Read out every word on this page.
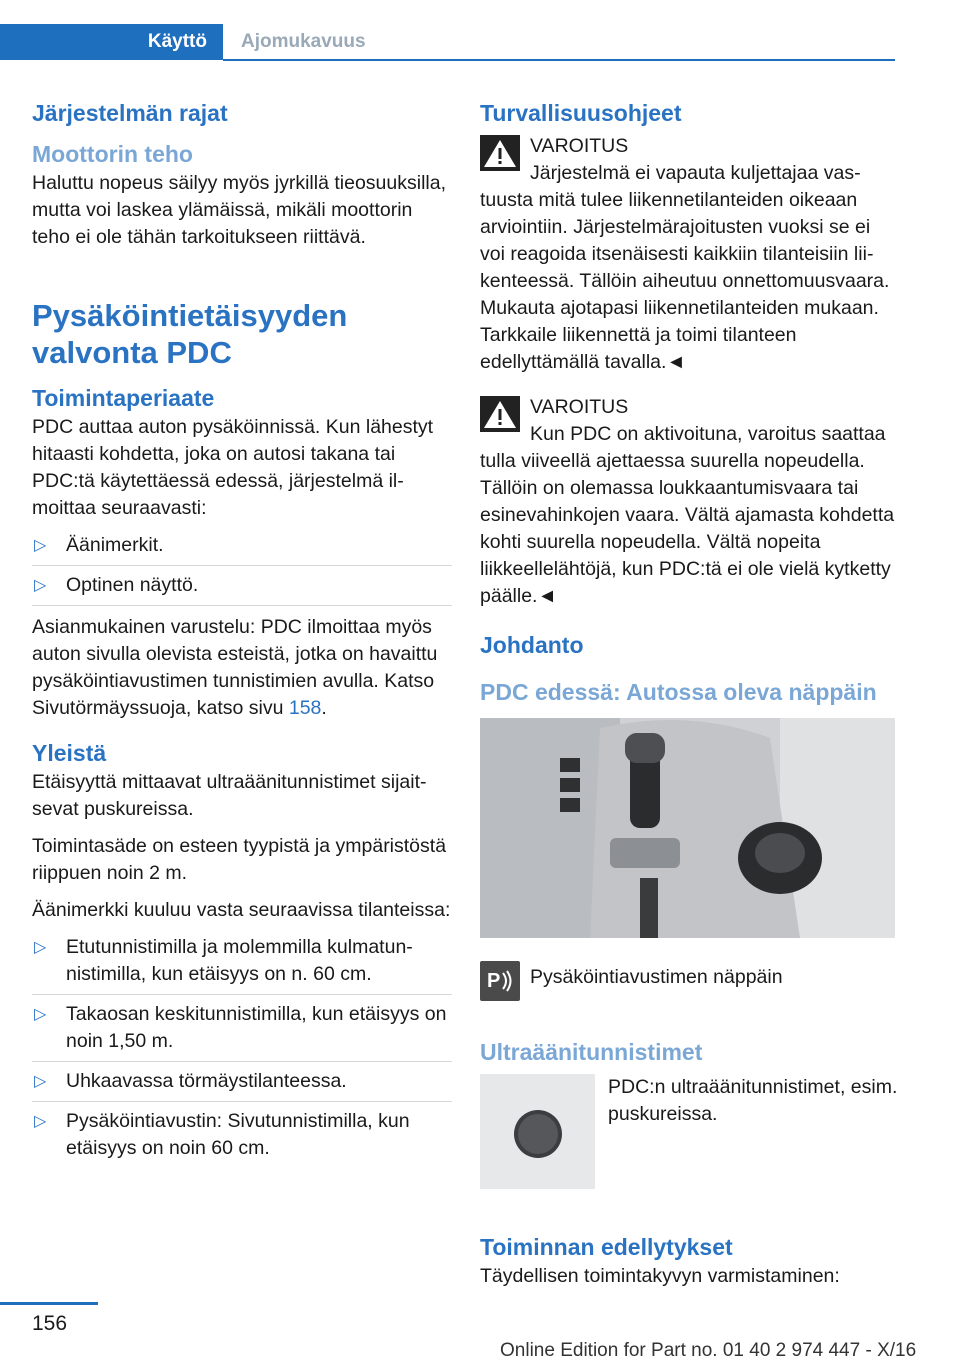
Käyttö	Ajomukavuus
Järjestelmän rajat
Moottorin teho

Haluttu nopeus säilyy myös jyrkillä tieosuuksilla, mutta voi laskea ylämäissä, mikäli moottorin teho ei ole tähän tarkoitukseen riittävä.

Pysäköintietäisyyden valvonta PDC
Toimintaperiaate

PDC auttaa auton pysäköinnissä. Kun lähestyt hitaasti kohdetta, joka on autosi takana tai PDC:tä käytettäessä edessä, järjestelmä ilmoittaa seuraavasti:

▷ Äänimerkit.
▷ Optinen näyttö.

Asianmukainen varustelu: PDC ilmoittaa myös auton sivulla olevista esteistä, jotka on havaittu pysäköintiavustimen tunnistimien avulla. Katso Sivutörmäyssuoja, katso sivu 158.

Yleistä

Etäisyyttä mittaavat ultraäänitunnistimet sijaitsevat puskureissa.

Toimintasäde on esteen tyypistä ja ympäristöstä riippuen noin 2 m.

Äänimerkki kuuluu vasta seuraavissa tilanteissa:

▷ Etutunnistimilla ja molemmilla kulmatunnistimilla, kun etäisyys on n. 60 cm.
▷ Takaosan keskitunnistimilla, kun etäisyys on noin 1,50 m.
▷ Uhkaavassa törmäystilanteessa.
▷ Pysäköintiavustin: Sivutunnistimilla, kun etäisyys on noin 60 cm.
Turvallisuusohjeet

VAROITUS

Järjestelmä ei vapauta kuljettajaa vastuusta mitä tulee liikennetilanteiden oikeaan arviointiin. Järjestelmärajoitusten vuoksi se ei voi reagoida itsenäisesti kaikkiin tilanteisiin liikenteessä. Tällöin aiheutuu onnettomuusvaara. Mukauta ajotapasi liikennetilanteiden mukaan. Tarkkaile liikennettä ja toimi tilanteen edellyttämällä tavalla.◄

VAROITUS

Kun PDC on aktivoituna, varoitus saattaa tulla viiveellä ajettaessa suurella nopeudella. Tällöin on olemassa loukkaantumisvaara tai esinevahinkojen vaara. Vältä ajamasta kohdetta kohti suurella nopeudella. Vältä nopeita liikkeellelähtöjä, kun PDC:tä ei ole vielä kytketty päälle.◄

Johdanto
PDC edessä: Autossa oleva näppäin
P	Pysäköintiavustimen näppäin

Ultraäänitunnistimet

PDC:n ultraäänitunnistimet, esim. puskureissa.

Toiminnan edellytykset

Täydellisen toimintakyvyn varmistaminen:

156
Online Edition for Part no. 01 40 2 974 447 - X/16
